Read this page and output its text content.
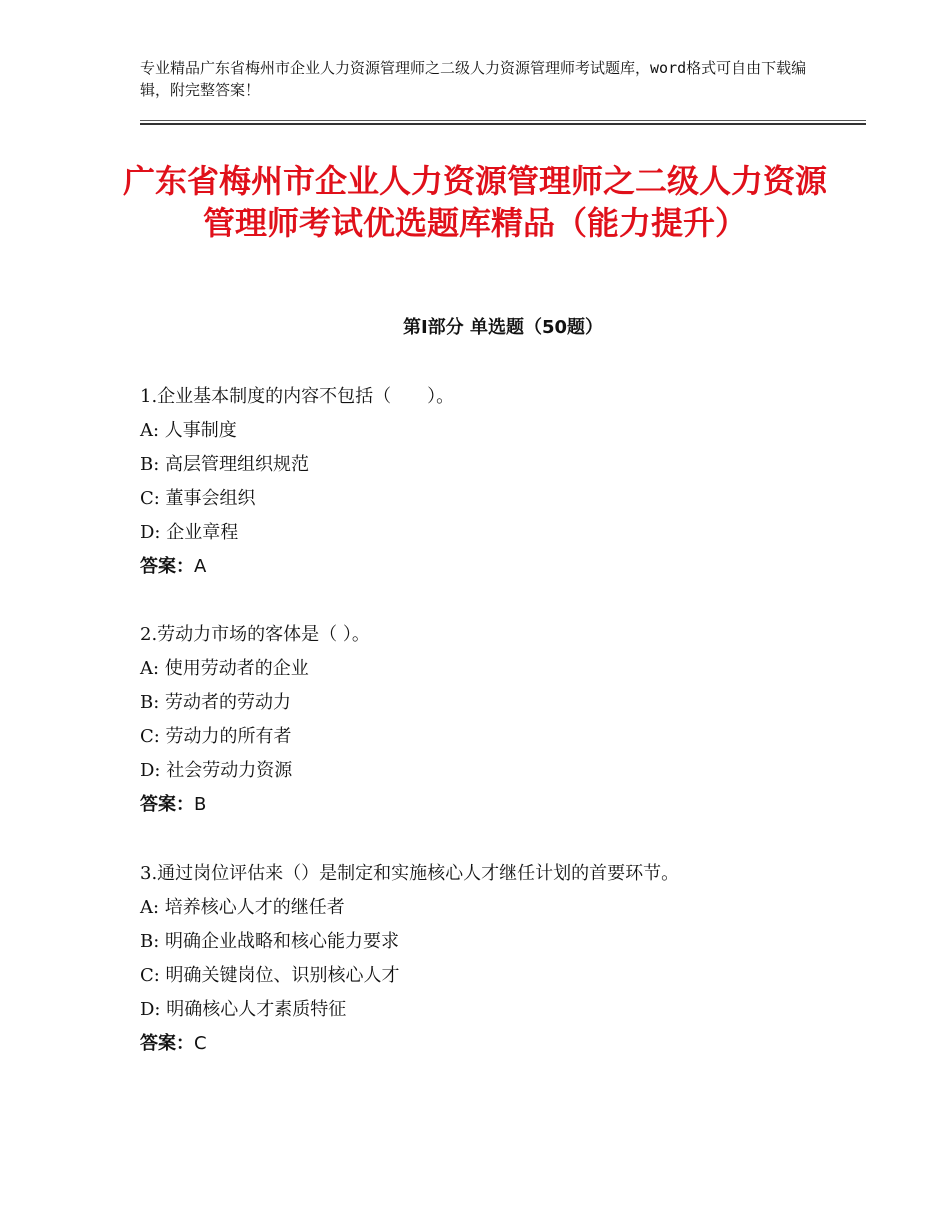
专业精品广东省梅州市企业人力资源管理师之二级人力资源管理师考试题库，word格式可自由下载编辑，附完整答案！
广东省梅州市企业人力资源管理师之二级人力资源管理师考试优选题库精品（能力提升）
第Ⅰ部分 单选题（50题）
1.企业基本制度的内容不包括（　　）。
A: 人事制度
B: 高层管理组织规范
C: 董事会组织
D: 企业章程
答案：A
2.劳动力市场的客体是（ ）。
A: 使用劳动者的企业
B: 劳动者的劳动力
C: 劳动力的所有者
D: 社会劳动力资源
答案：B
3.通过岗位评估来（）是制定和实施核心人才继任计划的首要环节。
A: 培养核心人才的继任者
B: 明确企业战略和核心能力要求
C: 明确关键岗位、识别核心人才
D: 明确核心人才素质特征
答案：C
